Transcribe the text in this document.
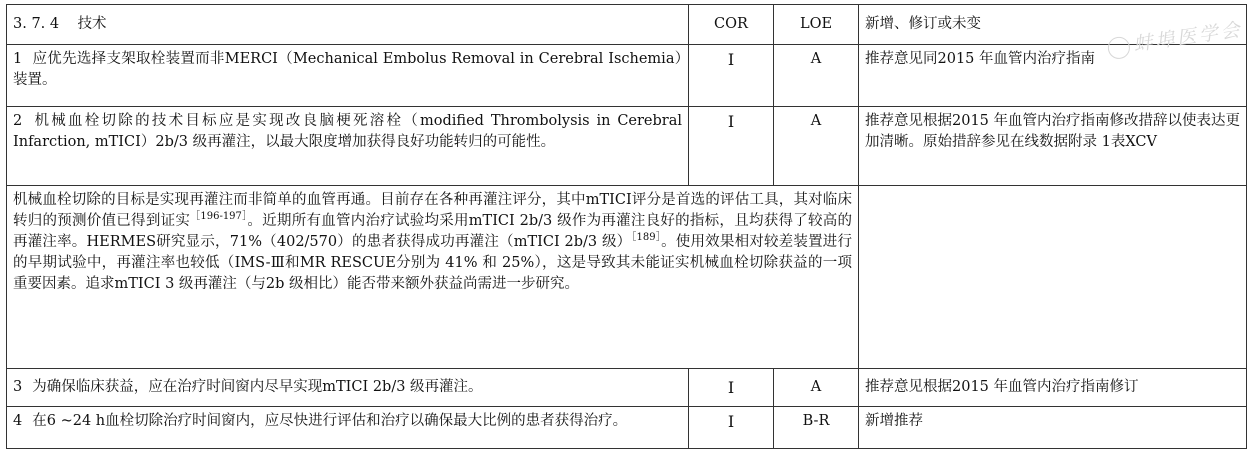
3. 7. 4 技术	COR	LOE	新增、修订或未变
1 应优先选择支架取栓装置而非MERCI（Mechanical Embolus Removal in Cerebral Ischemia）装置。	Ⅰ	A	推荐意见同2015 年血管内治疗指南
2 机械血栓切除的技术目标应是实现改良脑梗死溶栓（modified Thrombolysis in Cerebral Infarction, mTICI）2b/3 级再灌注，以最大限度增加获得良好功能转归的可能性。	Ⅰ	A	推荐意见根据2015 年血管内治疗指南修改措辞以使表达更加清晰。原始措辞参见在线数据附录 1表XCV
机械血栓切除的目标是实现再灌注而非简单的血管再通。目前存在各种再灌注评分，其中mTICI评分是首选的评估工具，其对临床转归的预测价值已得到证实$^{[196-197]}$。近期所有血管内治疗试验均采用mTICI 2b/3 级作为再灌注良好的指标，且均获得了较高的再灌注率。HERMES研究显示，71%（402/570）的患者获得成功再灌注（mTICI 2b/3 级）$^{[189]}$。使用效果相对较差装置进行的早期试验中，再灌注率也较低（IMS-Ⅲ和MR RESCUE分别为 41% 和 25%），这是导致其未能证实机械血栓切除获益的一项重要因素。追求mTICI 3 级再灌注（与2b 级相比）能否带来额外获益尚需进一步研究。			
3 为确保临床获益，应在治疗时间窗内尽早实现mTICI 2b/3 级再灌注。	Ⅰ	A	推荐意见根据2015 年血管内治疗指南修订
4 在6 ~24 h血栓切除治疗时间窗内，应尽快进行评估和治疗以确保最大比例的患者获得治疗。	Ⅰ	B-R	新增推荐
蚌埠医学会
